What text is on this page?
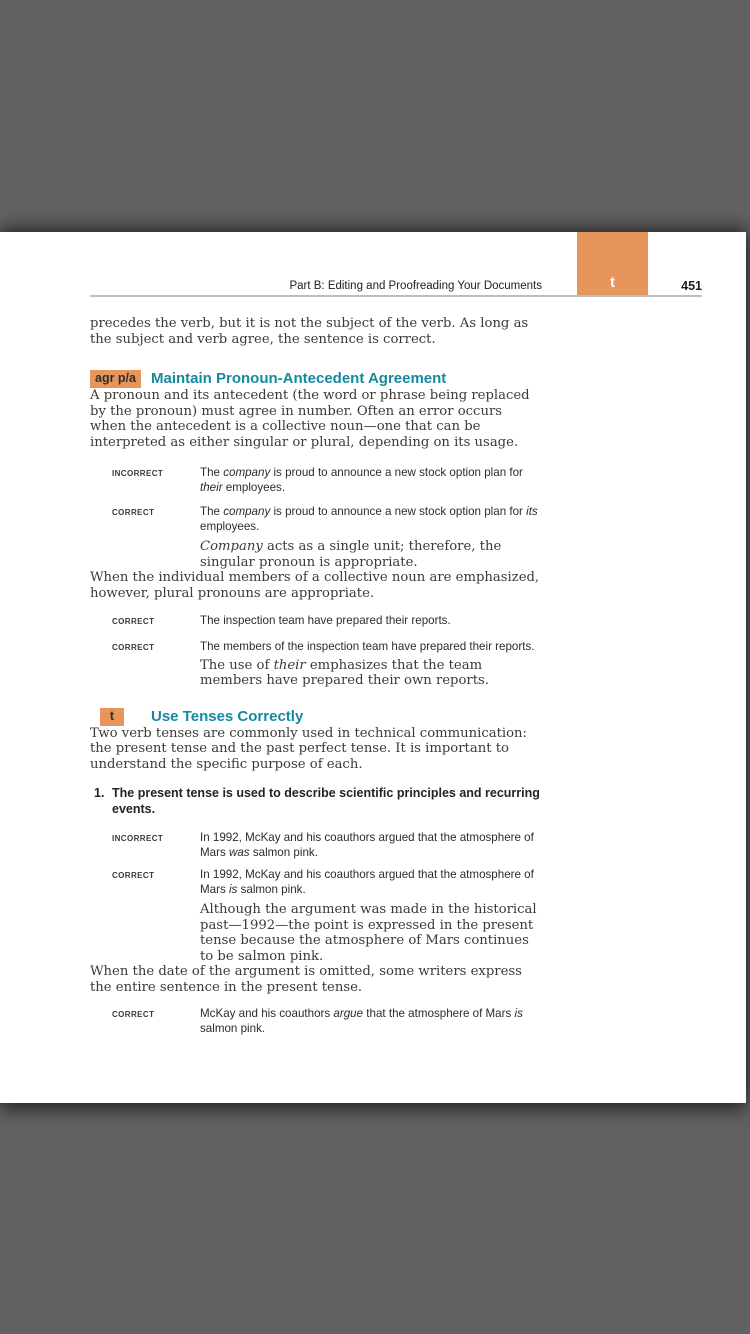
t
Part B: Editing and Proofreading Your Documents	451

precedes the verb, but it is not the subject of the verb. As long as the subject and verb agree, the sentence is correct.

agr p/a	Maintain Pronoun-Antecedent Agreement

A pronoun and its antecedent (the word or phrase being replaced by the pronoun) must agree in number. Often an error occurs when the antecedent is a collective noun—one that can be interpreted as either singular or plural, depending on its usage.

INCORRECT	The company is proud to announce a new stock option plan for their employees.
CORRECT	The company is proud to announce a new stock option plan for its employees.
Company acts as a single unit; therefore, the singular pronoun is appropriate.

When the individual members of a collective noun are emphasized, however, plural pronouns are appropriate.

CORRECT	The inspection team have prepared their reports.
CORRECT	The members of the inspection team have prepared their reports.
The use of their emphasizes that the team members have prepared their own reports.
t	Use Tenses Correctly

Two verb tenses are commonly used in technical communication: the present tense and the past perfect tense. It is important to understand the specific purpose of each.

1. The present tense is used to describe scientific principles and recurring events.
INCORRECT	In 1992, McKay and his coauthors argued that the atmosphere of Mars was salmon pink.
CORRECT	In 1992, McKay and his coauthors argued that the atmosphere of Mars is salmon pink.
Although the argument was made in the historical past—1992—the point is expressed in the present tense because the atmosphere of Mars continues to be salmon pink.

When the date of the argument is omitted, some writers express the entire sentence in the present tense.

CORRECT	McKay and his coauthors argue that the atmosphere of Mars is salmon pink.
